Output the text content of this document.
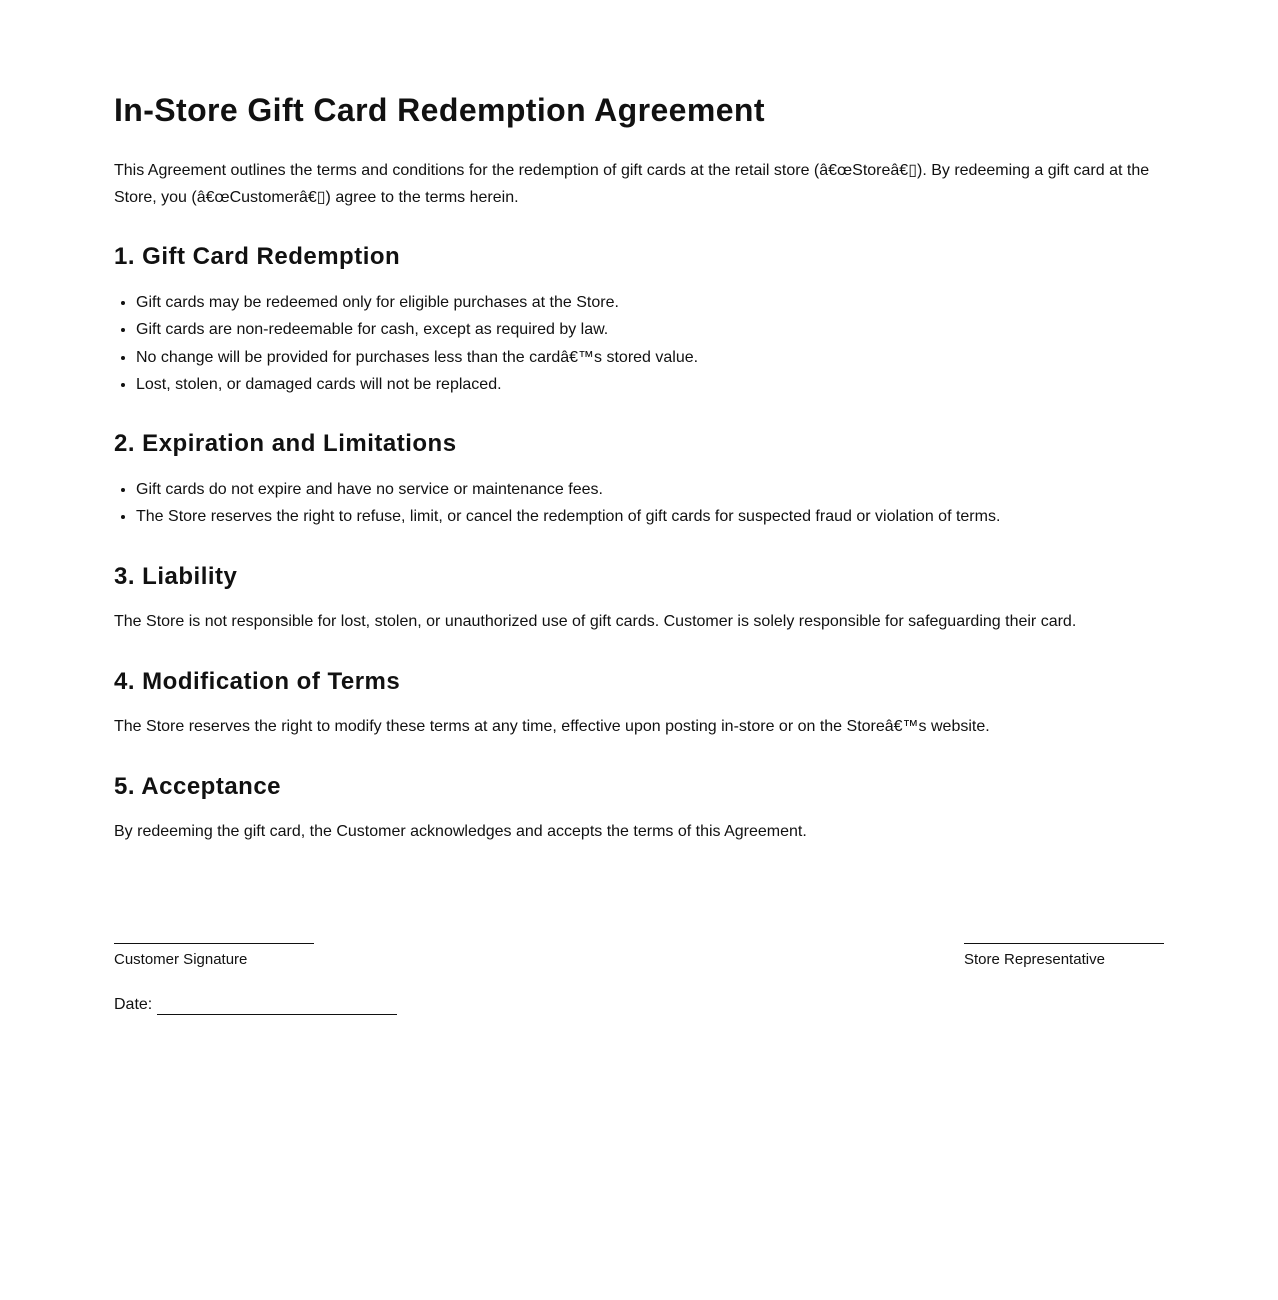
In-Store Gift Card Redemption Agreement

This Agreement outlines the terms and conditions for the redemption of gift cards at the retail store (â€œStoreâ€▯). By redeeming a gift card at the Store, you (â€œCustomerâ€▯) agree to the terms herein.

1. Gift Card Redemption
• Gift cards may be redeemed only for eligible purchases at the Store.
• Gift cards are non-redeemable for cash, except as required by law.
• No change will be provided for purchases less than the cardâ€™s stored value.
• Lost, stolen, or damaged cards will not be replaced.
2. Expiration and Limitations
• Gift cards do not expire and have no service or maintenance fees.
• The Store reserves the right to refuse, limit, or cancel the redemption of gift cards for suspected fraud or violation of terms.
3. Liability

The Store is not responsible for lost, stolen, or unauthorized use of gift cards. Customer is solely responsible for safeguarding their card.

4. Modification of Terms

The Store reserves the right to modify these terms at any time, effective upon posting in-store or on the Storeâ€™s website.

5. Acceptance

By redeeming the gift card, the Customer acknowledges and accepts the terms of this Agreement.

Customer Signature	Store Representative
Date:
